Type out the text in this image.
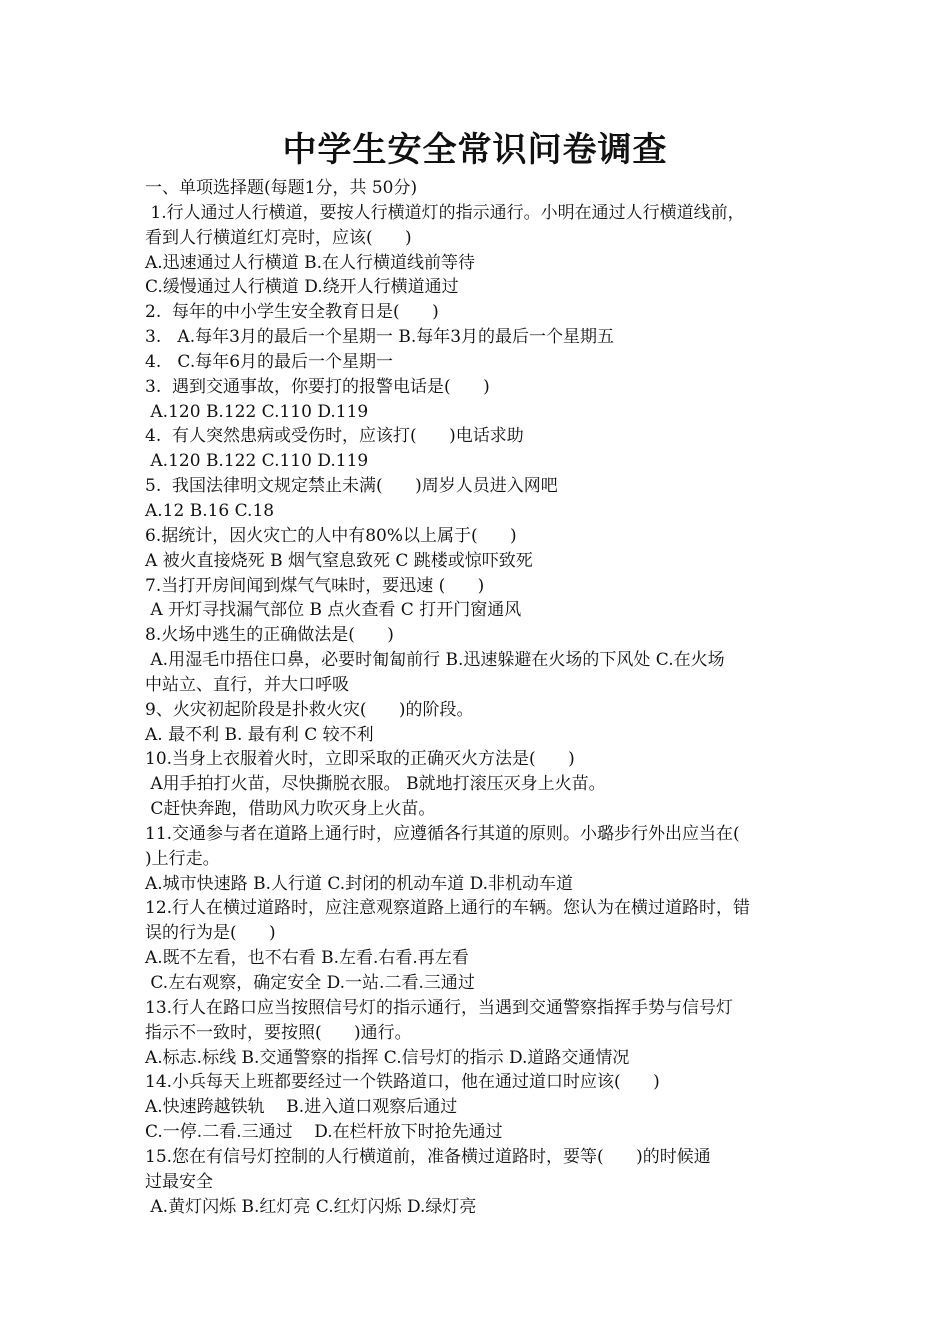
中学生安全常识问卷调查

一、单项选择题(每题1分，共 50分)

1.行人通过人行横道，要按人行横道灯的指示通行。小明在通过人行横道线前，

看到人行横道红灯亮时，应该(      )

A.迅速通过人行横道 B.在人行横道线前等待

C.缓慢通过人行横道 D.绕开人行横道通过

2.  每年的中小学生安全教育日是(      )

3.   A.每年3月的最后一个星期一 B.每年3月的最后一个星期五

4.   C.每年6月的最后一个星期一

3.  遇到交通事故，你要打的报警电话是(      )

A.120 B.122 C.110 D.119

4.  有人突然患病或受伤时，应该打(      )电话求助

A.120 B.122 C.110 D.119

5.  我国法律明文规定禁止未满(      )周岁人员进入网吧

A.12 B.16 C.18

6.据统计，因火灾亡的人中有80%以上属于(      )

A 被火直接烧死 B 烟气窒息致死 C 跳楼或惊吓致死

7.当打开房间闻到煤气气味时，要迅速 (      )

A 开灯寻找漏气部位 B 点火查看 C 打开门窗通风

8.火场中逃生的正确做法是(      )

A.用湿毛巾捂住口鼻，必要时匍匐前行 B.迅速躲避在火场的下风处 C.在火场

中站立、直行，并大口呼吸

9、火灾初起阶段是扑救火灾(      )的阶段。

A. 最不利 B. 最有利 C 较不利

10.当身上衣服着火时，立即采取的正确灭火方法是(      )

A用手拍打火苗，尽快撕脱衣服。 B就地打滚压灭身上火苗。

C赶快奔跑，借助风力吹灭身上火苗。

11.交通参与者在道路上通行时，应遵循各行其道的原则。小璐步行外出应当在(

)上行走。

A.城市快速路 B.人行道 C.封闭的机动车道 D.非机动车道

12.行人在横过道路时，应注意观察道路上通行的车辆。您认为在横过道路时，错

误的行为是(      )

A.既不左看，也不右看 B.左看.右看.再左看

C.左右观察，确定安全 D.一站.二看.三通过

13.行人在路口应当按照信号灯的指示通行，当遇到交通警察指挥手势与信号灯

指示不一致时，要按照(      )通行。

A.标志.标线 B.交通警察的指挥 C.信号灯的指示 D.道路交通情况

14.小兵每天上班都要经过一个铁路道口，他在通过道口时应该(      )

A.快速跨越铁轨    B.进入道口观察后通过

C.一停.二看.三通过    D.在栏杆放下时抢先通过

15.您在有信号灯控制的人行横道前，准备横过道路时，要等(      )的时候通

过最安全

A.黄灯闪烁 B.红灯亮 C.红灯闪烁 D.绿灯亮
